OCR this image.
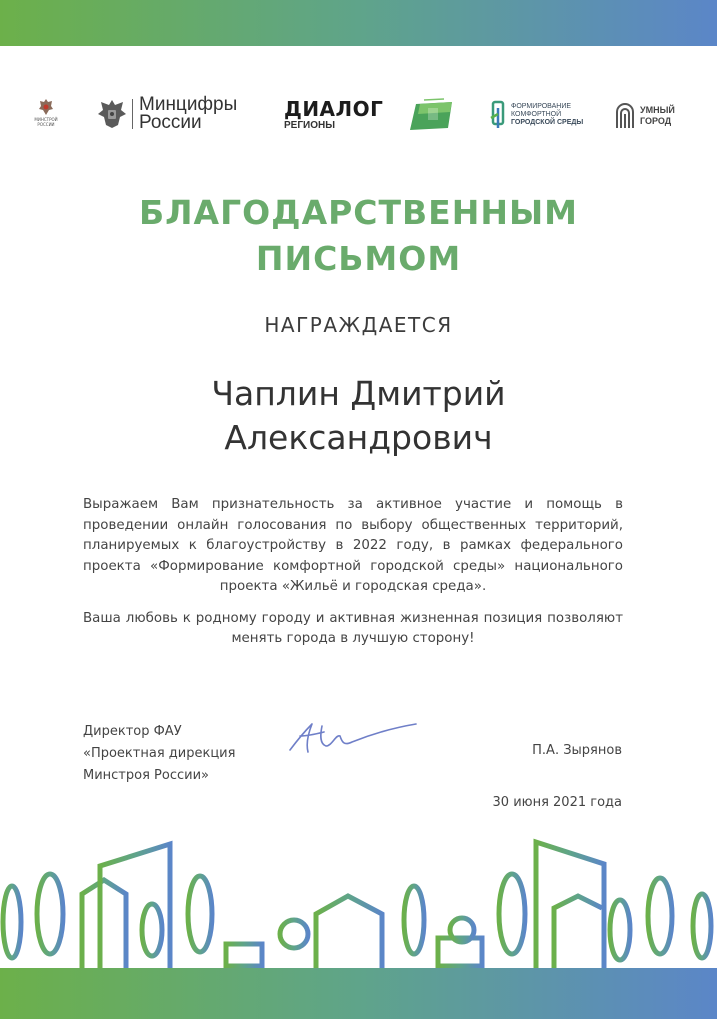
МИНСТРОЙ
РОССИИ
Минцифры
России
ДИАЛОГ
РЕГИОНЫ
ФОРМИРОВАНИЕ
КОМФОРТНОЙ
ГОРОДСКОЙ СРЕДЫ
УМНЫЙ
ГОРОД
БЛАГОДАРСТВЕННЫМ
ПИСЬМОМ
НАГРАЖДАЕТСЯ
Чаплин Дмитрий
Александрович

Выражаем Вам признательность за активное участие и помощь в проведении онлайн голосования по выбору общественных территорий, планируемых к благоустройству в 2022 году, в рамках федерального проекта «Формирование комфортной городской среды» национального проекта «Жильё и городская среда».

Ваша любовь к родному городу и активная жизненная позиция позволяют менять города в лучшую сторону!

Директор ФАУ
«Проектная дирекция
Минстроя России»
П.А. Зырянов
30 июня 2021 года
